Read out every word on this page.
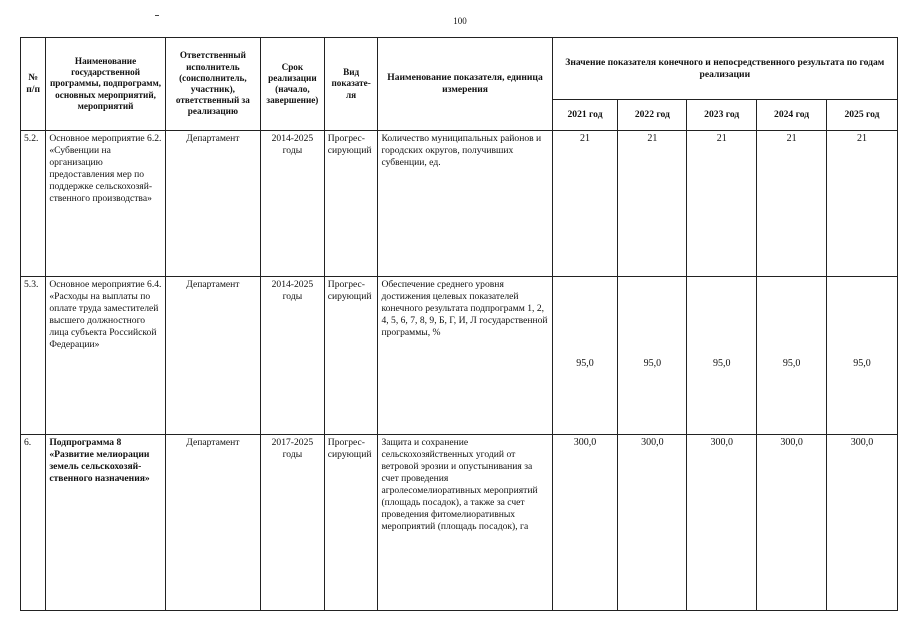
100
№ п/п	Наименование государственной программы, подпрограмм, основных мероприятий, мероприятий	Ответственный исполнитель (соисполнитель, участник), ответственный за реализацию	Срок реализации (начало, завершение)	Вид показате-ля	Наименование показателя, единица измерения	Значение показателя конечного и непосредственного результата по годам реализации				
						2021 год	2022 год	2023 год	2024 год	2025 год
5.2.	Основное мероприятие 6.2. «Субвенции на организацию предоставления мер по поддержке сельскохозяй-ственного производства»	Департамент	2014-2025 годы	Прогрес-сирующий	Количество муниципальных районов и городских округов, получивших субвенции, ед.	21	21	21	21	21
5.3.	Основное мероприятие 6.4. «Расходы на выплаты по оплате труда заместителей высшего должностного лица субъекта Российской Федерации»	Департамент	2014-2025 годы	Прогрес-сирующий	Обеспечение среднего уровня достижения целевых показателей конечного результата подпрограмм 1, 2, 4, 5, 6, 7, 8, 9, Б, Г, И, Л государственной программы, %	95,0	95,0	95,0	95,0	95,0
6.	Подпрограмма 8 «Развитие мелиорации земель сельскохозяй-ственного назначения»	Департамент	2017-2025 годы	Прогрес-сирующий	Защита и сохранение сельскохозяйственных угодий от ветровой эрозии и опустынивания за счет проведения агролесомелиоративных мероприятий (площадь посадок), а также за счет проведения фитомелиоративных мероприятий (площадь посадок), га	300,0	300,0	300,0	300,0	300,0
